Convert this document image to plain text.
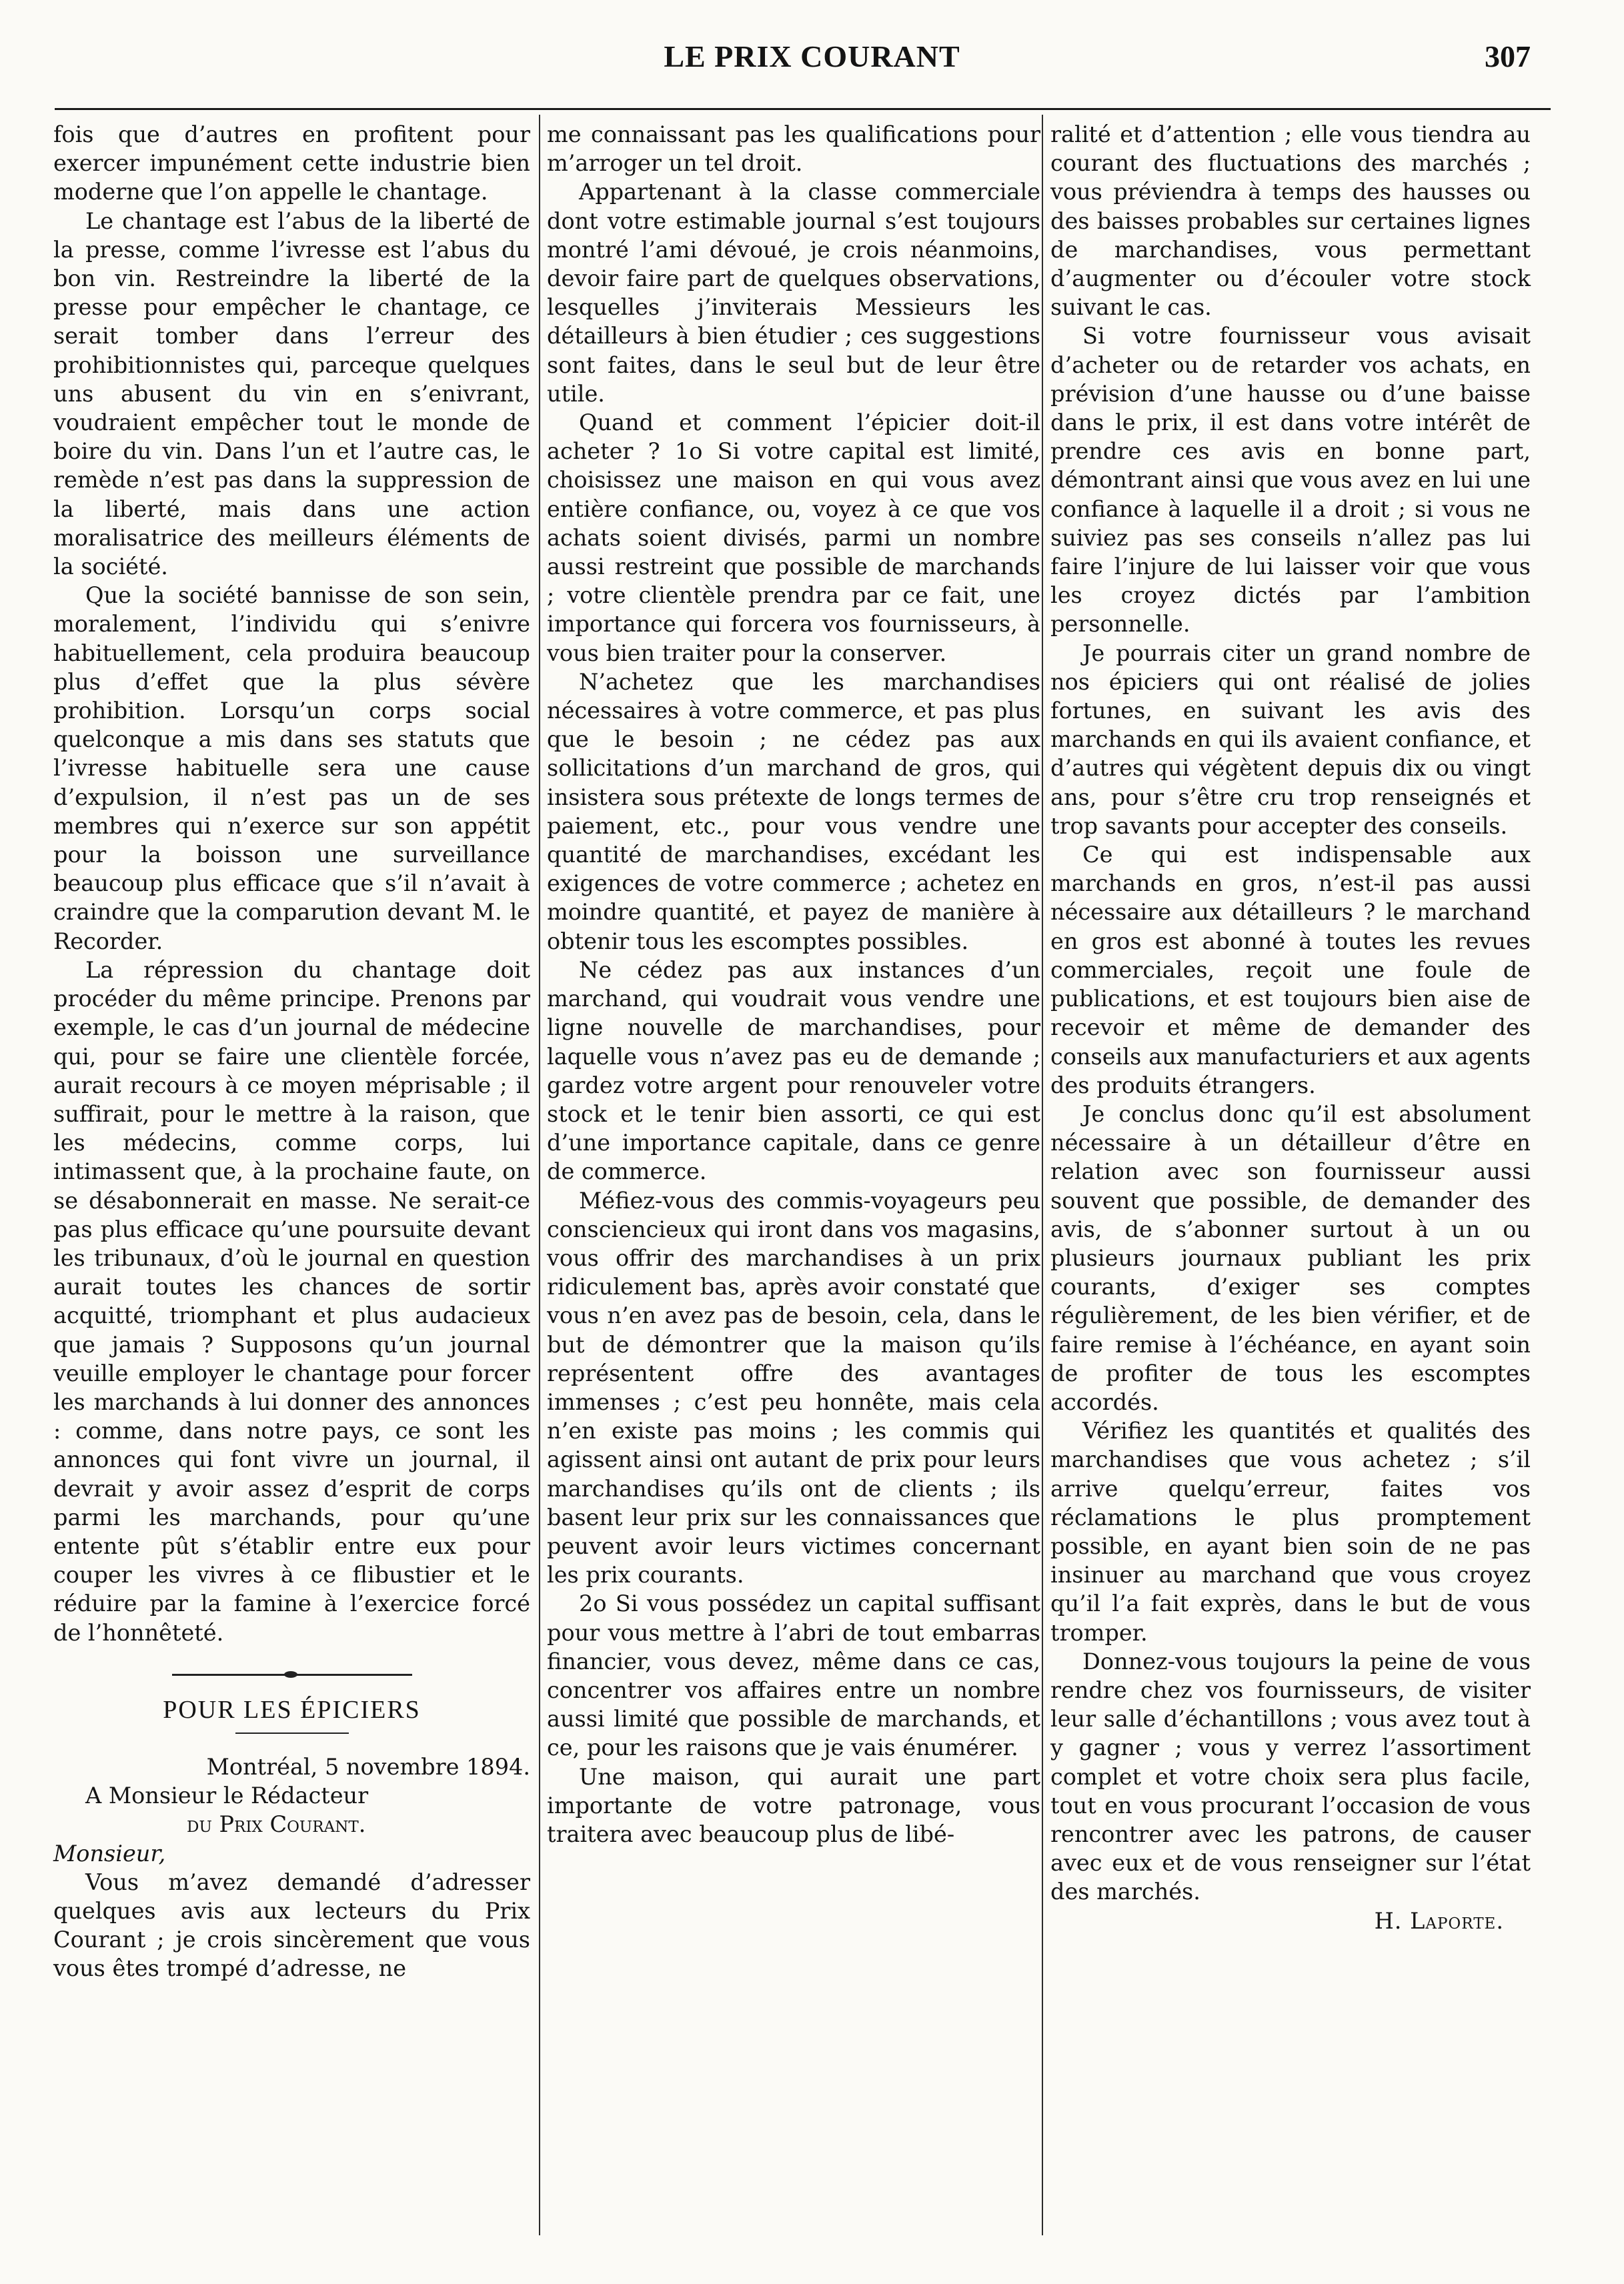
LE PRIX COURANT	307

fois que d’autres en profitent pour exercer impunément cette industrie bien moderne que l’on appelle le chantage.

Le chantage est l’abus de la liberté de la presse, comme l’ivresse est l’abus du bon vin. Restreindre la liberté de la presse pour empêcher le chantage, ce serait tomber dans l’erreur des prohibitionnistes qui, parceque quelques uns abusent du vin en s’enivrant, voudraient empêcher tout le monde de boire du vin. Dans l’un et l’autre cas, le remède n’est pas dans la suppression de la liberté, mais dans une action moralisatrice des meilleurs éléments de la société.

Que la société bannisse de son sein, moralement, l’individu qui s’enivre habituellement, cela produira beaucoup plus d’effet que la plus sévère prohibition. Lorsqu’un corps social quelconque a mis dans ses statuts que l’ivresse habituelle sera une cause d’expulsion, il n’est pas un de ses membres qui n’exerce sur son appétit pour la boisson une surveillance beaucoup plus efficace que s’il n’avait à craindre que la comparution devant M. le Recorder.

La répression du chantage doit procéder du même principe. Prenons par exemple, le cas d’un journal de médecine qui, pour se faire une clientèle forcée, aurait recours à ce moyen méprisable ; il suffirait, pour le mettre à la raison, que les médecins, comme corps, lui intimassent que, à la prochaine faute, on se désabonnerait en masse. Ne serait-ce pas plus efficace qu’une poursuite devant les tribunaux, d’où le journal en question aurait toutes les chances de sortir acquitté, triomphant et plus audacieux que jamais ? Supposons qu’un journal veuille employer le chantage pour forcer les marchands à lui donner des annonces : comme, dans notre pays, ce sont les annonces qui font vivre un journal, il devrait y avoir assez d’esprit de corps parmi les marchands, pour qu’une entente pût s’établir entre eux pour couper les vivres à ce flibustier et le réduire par la famine à l’exercice forcé de l’honnêteté.

POUR LES ÉPICIERS

Montréal, 5 novembre 1894.

A Monsieur le Rédacteur

du Prix Courant.

Monsieur,

Vous m’avez demandé d’adresser quelques avis aux lecteurs du Prix Courant ; je crois sincèrement que vous vous êtes trompé d’adresse, ne

me connaissant pas les qualifications pour m’arroger un tel droit.

Appartenant à la classe commerciale dont votre estimable journal s’est toujours montré l’ami dévoué, je crois néanmoins, devoir faire part de quelques observations, lesquelles j’inviterais Messieurs les détailleurs à bien étudier ; ces suggestions sont faites, dans le seul but de leur être utile.

Quand et comment l’épicier doit-il acheter ? 1o Si votre capital est limité, choisissez une maison en qui vous avez entière confiance, ou, voyez à ce que vos achats soient divisés, parmi un nombre aussi restreint que possible de marchands ; votre clientèle prendra par ce fait, une importance qui forcera vos fournisseurs, à vous bien traiter pour la conserver.

N’achetez que les marchandises nécessaires à votre commerce, et pas plus que le besoin ; ne cédez pas aux sollicitations d’un marchand de gros, qui insistera sous prétexte de longs termes de paiement, etc., pour vous vendre une quantité de marchandises, excédant les exigences de votre commerce ; achetez en moindre quantité, et payez de manière à obtenir tous les escomptes possibles.

Ne cédez pas aux instances d’un marchand, qui voudrait vous vendre une ligne nouvelle de marchandises, pour laquelle vous n’avez pas eu de demande ; gardez votre argent pour renouveler votre stock et le tenir bien assorti, ce qui est d’une importance capitale, dans ce genre de commerce.

Méfiez-vous des commis-voyageurs peu consciencieux qui iront dans vos magasins, vous offrir des marchandises à un prix ridiculement bas, après avoir constaté que vous n’en avez pas de besoin, cela, dans le but de démontrer que la maison qu’ils représentent offre des avantages immenses ; c’est peu honnête, mais cela n’en existe pas moins ; les commis qui agissent ainsi ont autant de prix pour leurs marchandises qu’ils ont de clients ; ils basent leur prix sur les connaissances que peuvent avoir leurs victimes concernant les prix courants.

2o Si vous possédez un capital suffisant pour vous mettre à l’abri de tout embarras financier, vous devez, même dans ce cas, concentrer vos affaires entre un nombre aussi limité que possible de marchands, et ce, pour les raisons que je vais énumérer.

Une maison, qui aurait une part importante de votre patronage, vous traitera avec beaucoup plus de libé-

ralité et d’attention ; elle vous tiendra au courant des fluctuations des marchés ; vous préviendra à temps des hausses ou des baisses probables sur certaines lignes de marchandises, vous permettant d’augmenter ou d’écouler votre stock suivant le cas.

Si votre fournisseur vous avisait d’acheter ou de retarder vos achats, en prévision d’une hausse ou d’une baisse dans le prix, il est dans votre intérêt de prendre ces avis en bonne part, démontrant ainsi que vous avez en lui une confiance à laquelle il a droit ; si vous ne suiviez pas ses conseils n’allez pas lui faire l’injure de lui laisser voir que vous les croyez dictés par l’ambition personnelle.

Je pourrais citer un grand nombre de nos épiciers qui ont réalisé de jolies fortunes, en suivant les avis des marchands en qui ils avaient confiance, et d’autres qui végètent depuis dix ou vingt ans, pour s’être cru trop renseignés et trop savants pour accepter des conseils.

Ce qui est indispensable aux marchands en gros, n’est-il pas aussi nécessaire aux détailleurs ? le marchand en gros est abonné à toutes les revues commerciales, reçoit une foule de publications, et est toujours bien aise de recevoir et même de demander des conseils aux manufacturiers et aux agents des produits étrangers.

Je conclus donc qu’il est absolument nécessaire à un détailleur d’être en relation avec son fournisseur aussi souvent que possible, de demander des avis, de s’abonner surtout à un ou plusieurs journaux publiant les prix courants, d’exiger ses comptes régulièrement, de les bien vérifier, et de faire remise à l’échéance, en ayant soin de profiter de tous les escomptes accordés.

Vérifiez les quantités et qualités des marchandises que vous achetez ; s’il arrive quelqu’erreur, faites vos réclamations le plus promptement possible, en ayant bien soin de ne pas insinuer au marchand que vous croyez qu’il l’a fait exprès, dans le but de vous tromper.

Donnez-vous toujours la peine de vous rendre chez vos fournisseurs, de visiter leur salle d’échantillons ; vous avez tout à y gagner ; vous y verrez l’assortiment complet et votre choix sera plus facile, tout en vous procurant l’occasion de vous rencontrer avec les patrons, de causer avec eux et de vous renseigner sur l’état des marchés.

H. Laporte.
